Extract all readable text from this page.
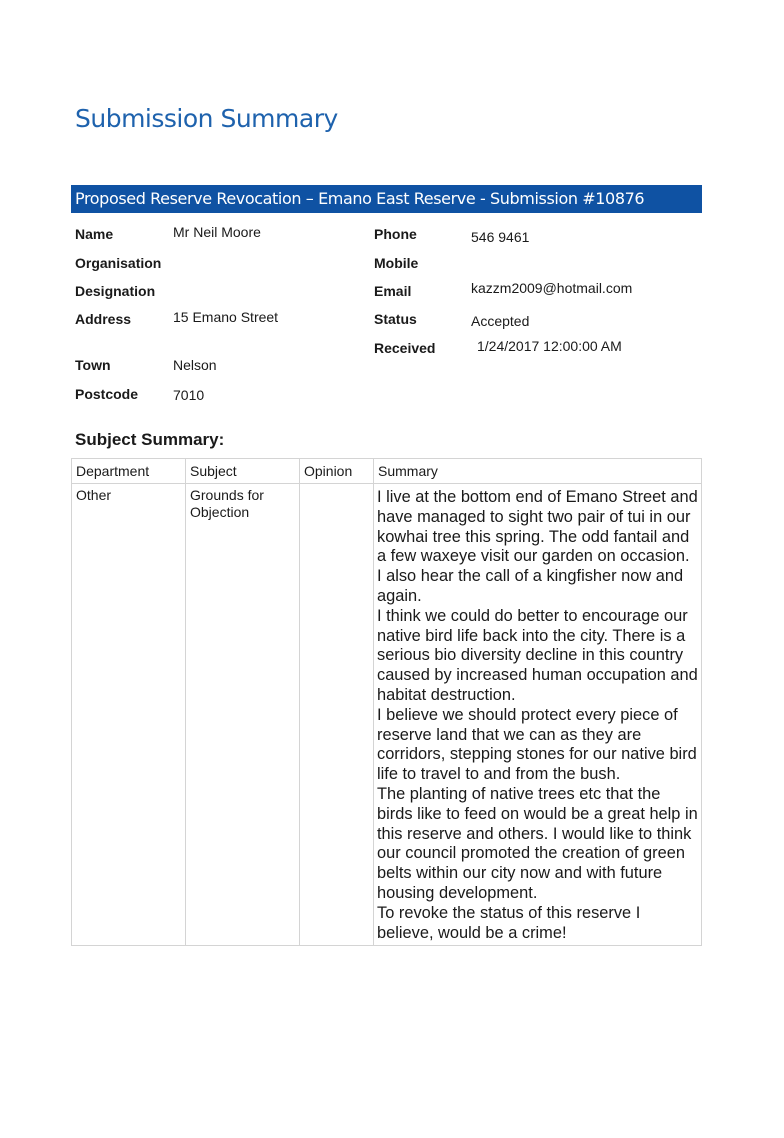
Submission Summary
Proposed Reserve Revocation – Emano East Reserve - Submission #10876
Name	Mr Neil Moore
Organisation
Designation
Address	15 Emano Street
Town	Nelson
Postcode 7010
Phone	546 9461
Mobile
Email	kazzm2009@hotmail.com
Status	Accepted
Received	1/24/2017 12:00:00 AM
Subject Summary:
Department	Subject	Opinion	Summary
Other	Grounds for Objection		I live at the bottom end of Emano Street and have managed to sight two pair of tui in our kowhai tree this spring. The odd fantail and a few waxeye visit our garden on occasion. I also hear the call of a kingfisher now and again.
I think we could do better to encourage our native bird life back into the city. There is a serious bio diversity decline in this country caused by increased human occupation and habitat destruction.
I believe we should protect every piece of reserve land that we can as they are corridors, stepping stones for our native bird life to travel to and from the bush.
The planting of native trees etc that the birds like to feed on would be a great help in this reserve and others. I would like to think our council promoted the creation of green belts within our city now and with future housing development.
To revoke the status of this reserve I believe, would be a crime!
